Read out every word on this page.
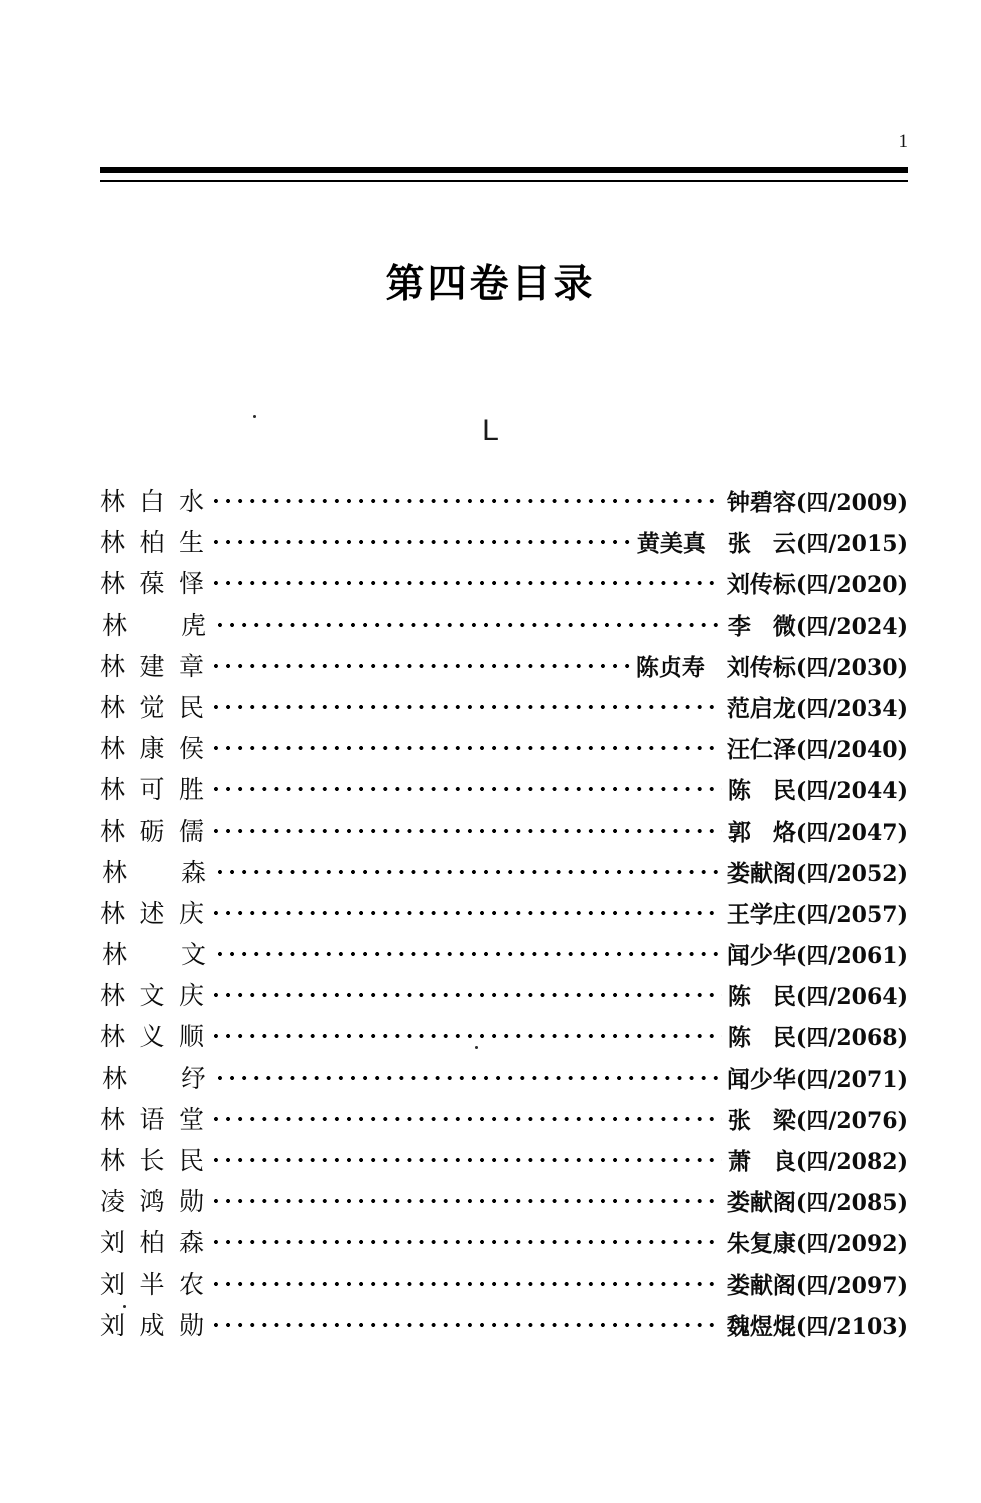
1
第四卷目录
L
林 白 水	钟碧容(四/2009)
林 柏 生	黄美真 张 云(四/2015)
林 葆 怿	刘传标(四/2020)
林 虎	李 微(四/2024)
林 建 章	陈贞寿 刘传标(四/2030)
林 觉 民	范启龙(四/2034)
林 康 侯	汪仁泽(四/2040)
林 可 胜	陈 民(四/2044)
林 砺 儒	郭 烙(四/2047)
林 森	娄献阁(四/2052)
林 述 庆	王学庄(四/2057)
林 文	闻少华(四/2061)
林 文 庆	陈 民(四/2064)
林 义 顺	陈 民(四/2068)
林 纾	闻少华(四/2071)
林 语 堂	张 梁(四/2076)
林 长 民	萧 良(四/2082)
凌 鸿 勋	娄献阁(四/2085)
刘 柏 森	朱复康(四/2092)
刘 半 农	娄献阁(四/2097)
刘 成 勋	魏煜焜(四/2103)
